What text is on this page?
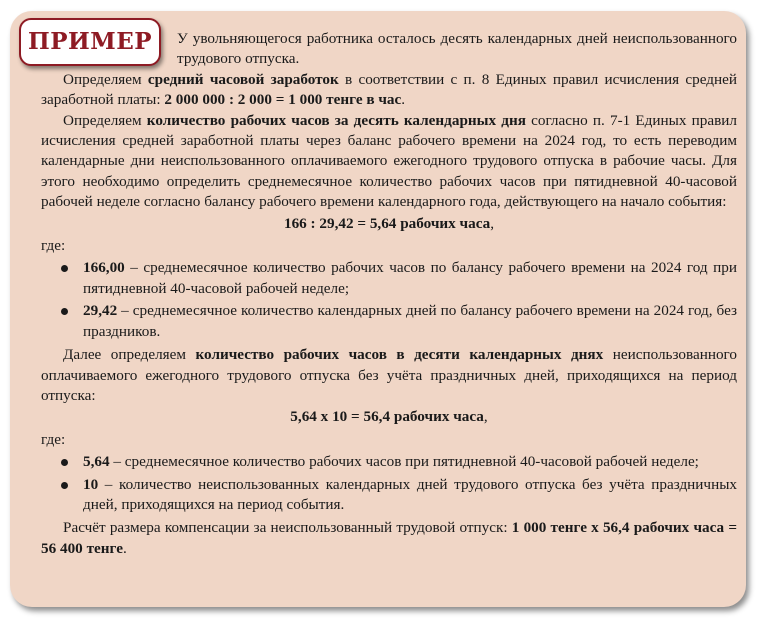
ПРИМЕР	У увольняющегося работника осталось десять календарных дней неиспользованного трудового отпуска.

Определяем средний часовой заработок в соответствии с п. 8 Единых правил исчисления средней заработной платы: 2 000 000 : 2 000 = 1 000 тенге в час.

Определяем количество рабочих часов за десять календарных дня согласно п. 7-1 Единых правил исчисления средней заработной платы через баланс рабочего времени на 2024 год, то есть переводим календарные дни неиспользованного оплачиваемого ежегодного трудового отпуска в рабочие часы. Для этого необходимо определить среднемесячное количество рабочих часов при пятидневной 40-часовой рабочей неделе согласно балансу рабочего времени календарного года, действующего на начало события:

166 : 29,42 = 5,64 рабочих часа,

где:

166,00 – среднемесячное количество рабочих часов по балансу рабочего времени на 2024 год при пятидневной 40-часовой рабочей неделе;
29,42 – среднемесячное количество календарных дней по балансу рабочего времени на 2024 год, без праздников.

Далее определяем количество рабочих часов в десяти календарных днях неиспользованного оплачиваемого ежегодного трудового отпуска без учёта праздничных дней, приходящихся на период отпуска:

5,64 х 10 = 56,4 рабочих часа,

где:

5,64 – среднемесячное количество рабочих часов при пятидневной 40-часовой рабочей неделе;
10 – количество неиспользованных календарных дней трудового отпуска без учёта праздничных дней, приходящихся на период события.

Расчёт размера компенсации за неиспользованный трудовой отпуск: 1 000 тенге х 56,4 рабочих часа = 56 400 тенге.
